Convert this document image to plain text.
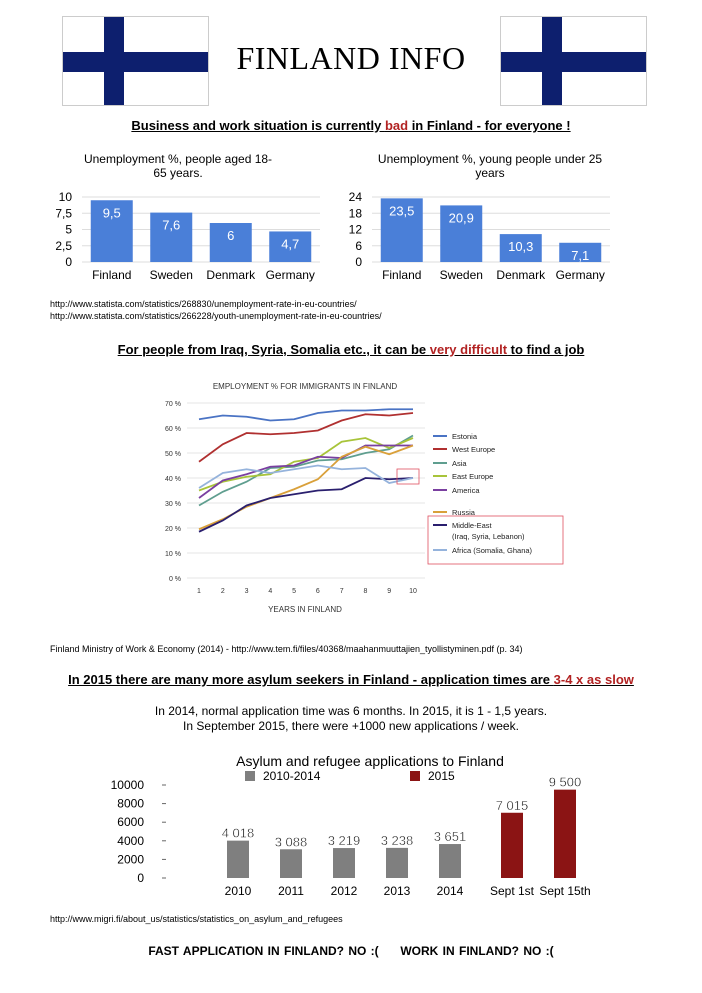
FINLAND INFO
Business and work situation is currently bad in Finland - for everyone !
Unemployment %, people aged 18-65 years.
0
2,5
5
7,5
10
9,5
Finland
7,6
Sweden
6
Denmark
4,7
Germany
Unemployment %, young people under 25 years
0
6
12
18
24
23,5
Finland
20,9
Sweden
10,3
Denmark
7,1
Germany
http://www.statista.com/statistics/268830/unemployment-rate-in-eu-countries/
http://www.statista.com/statistics/266228/youth-unemployment-rate-in-eu-countries/
For people from Iraq, Syria, Somalia etc., it can be very difficult to find a job
EMPLOYMENT % FOR IMMIGRANTS IN FINLAND
0 %
10 %
20 %
30 %
40 %
50 %
60 %
70 %
1	2	3	4	5	6	7	8	9	10
YEARS IN FINLAND
Estonia
West Europe
Asia
East Europe
America
Russia
Middle-East
(Iraq, Syria, Lebanon)
Africa (Somalia, Ghana)
Finland Ministry of Work & Economy (2014) - http://www.tem.fi/files/40368/maahanmuuttajien_tyollistyminen.pdf (p. 34)
In 2015 there are many more asylum seekers in Finland - application times are 3-4 x as slow
In 2014, normal application time was 6 months. In 2015, it is 1 - 1,5 years.
In September 2015, there were +1000 new applications / week.
Asylum and refugee applications to Finland
2010-2014	2015
0
2000
4000
6000
8000
10000
4 018
2010
3 088
2011
3 219
2012
3 238
2013
3 651
2014
7 015
Sept 1st
9 500
Sept 15th
http://www.migri.fi/about_us/statistics/statistics_on_asylum_and_refugees
FAST APPLICATION IN FINLAND? NO :(     WORK IN FINLAND? NO :(
